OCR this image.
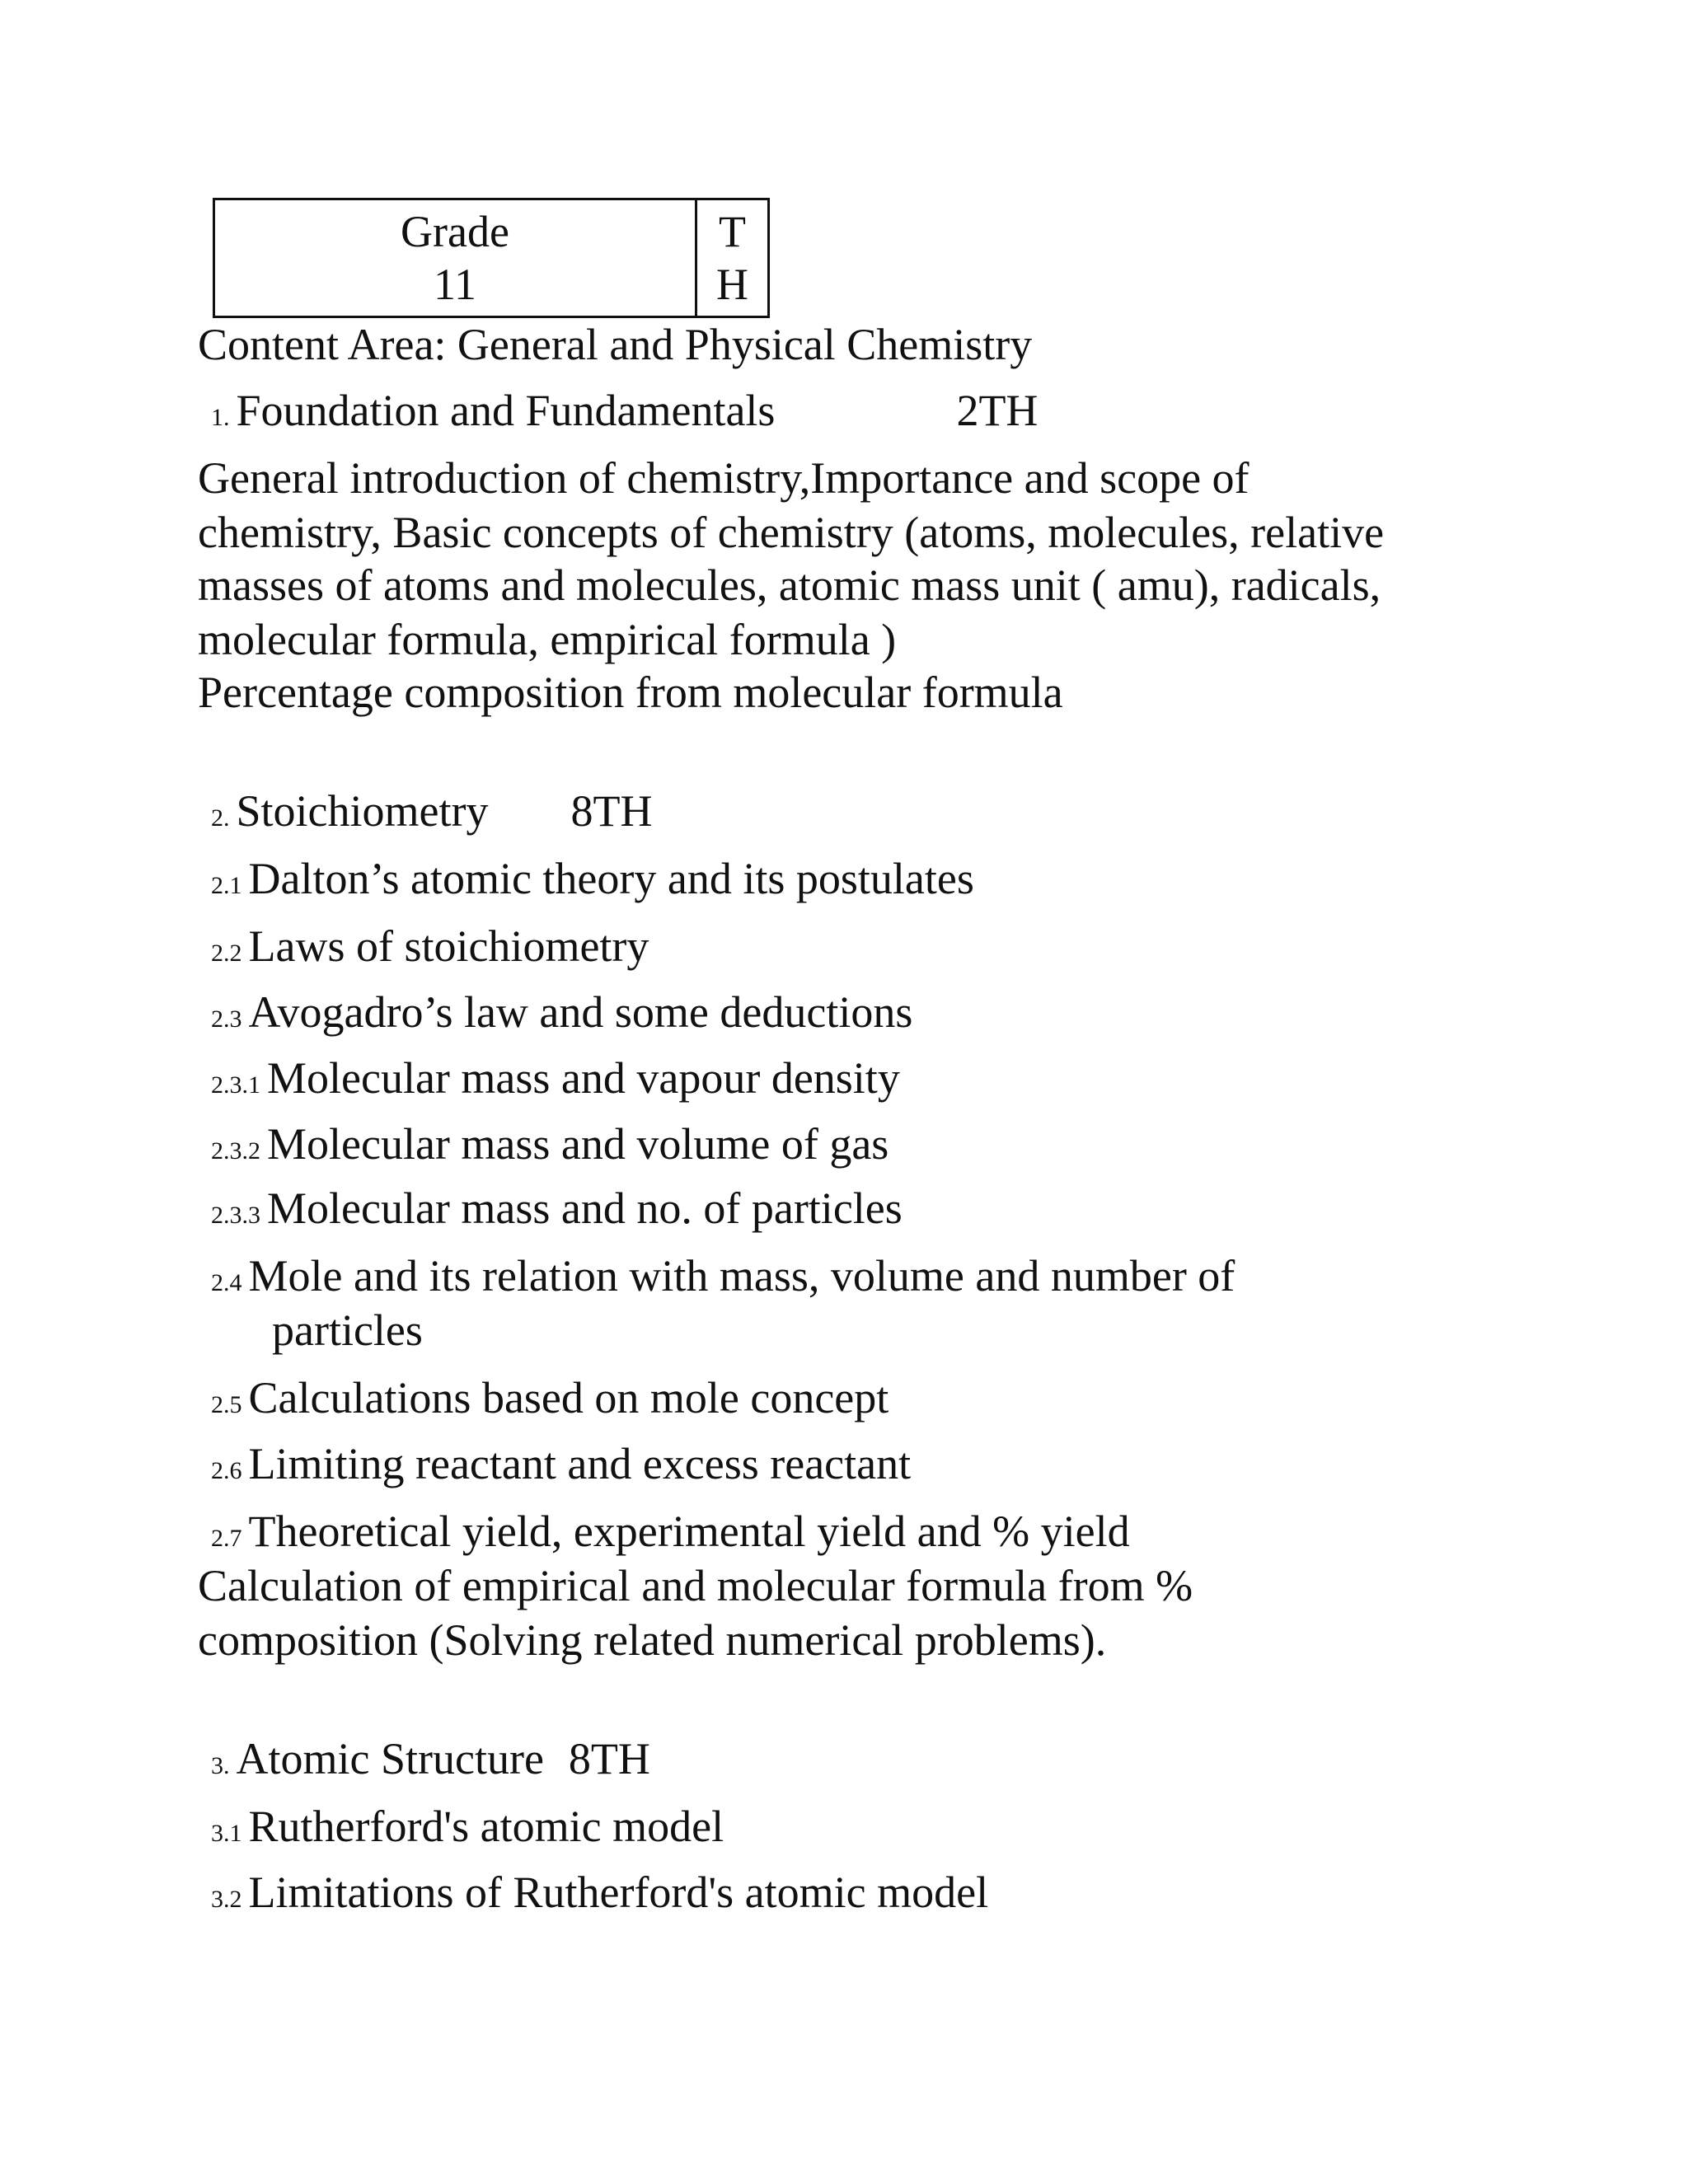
Grade
11
T
H
Content Area: General and Physical Chemistry
1. Foundation and Fundamentals	2TH
General introduction of chemistry,Importance and scope of
chemistry, Basic concepts of chemistry (atoms, molecules, relative
masses of atoms and molecules, atomic mass unit ( amu), radicals,
molecular formula, empirical formula )
Percentage composition from molecular formula
2. Stoichiometry 8TH
2.1 Dalton’s atomic theory and its postulates
2.2 Laws of stoichiometry
2.3 Avogadro’s law and some deductions
2.3.1 Molecular mass and vapour density
2.3.2 Molecular mass and volume of gas
2.3.3 Molecular mass and no. of particles
2.4 Mole and its relation with mass, volume and number of
particles
2.5 Calculations based on mole concept
2.6 Limiting reactant and excess reactant
2.7 Theoretical yield, experimental yield and % yield
Calculation of empirical and molecular formula from %
composition (Solving related numerical problems).
3. Atomic Structure 8TH
3.1 Rutherford's atomic model
3.2 Limitations of Rutherford's atomic model
